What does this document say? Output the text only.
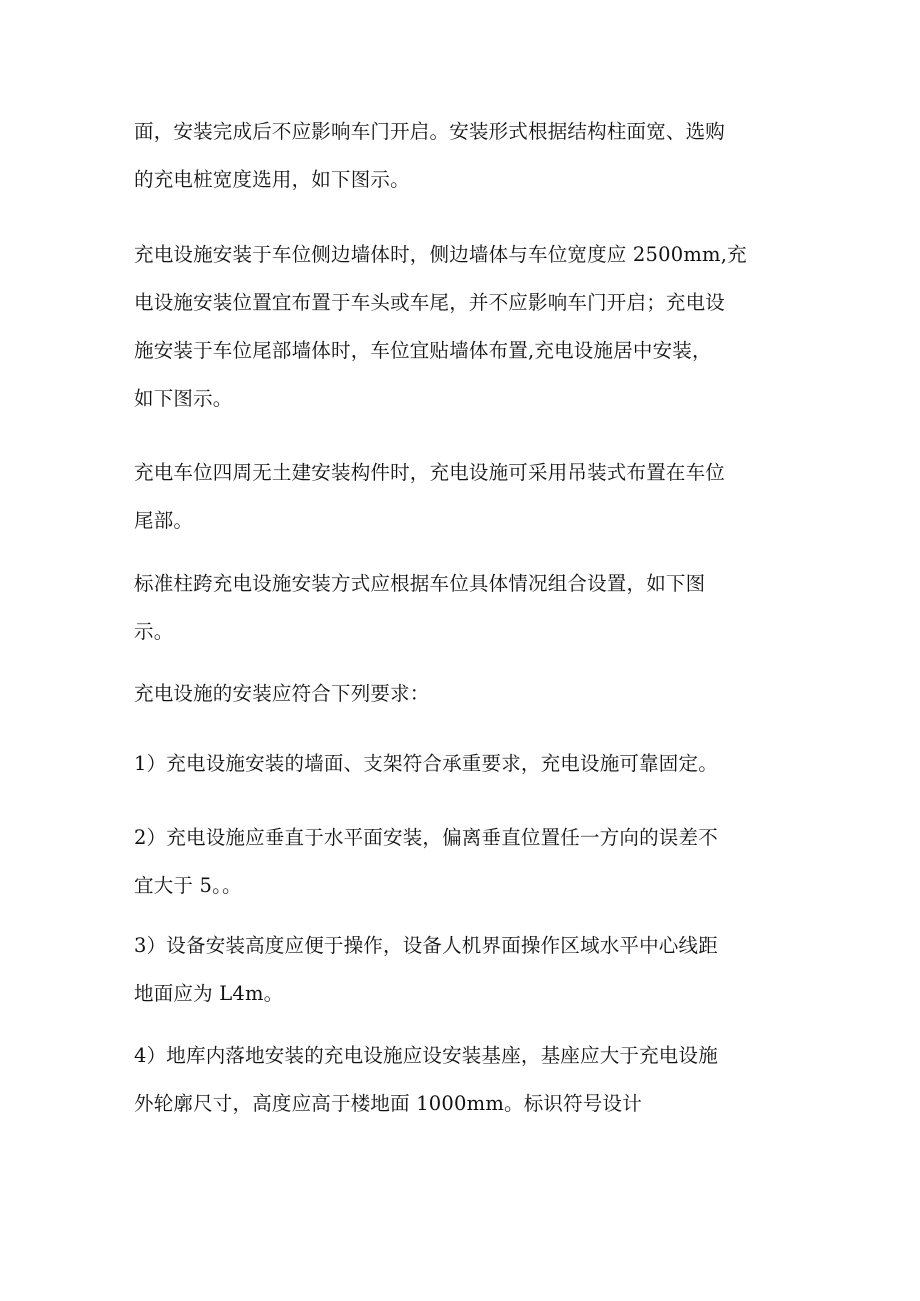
面，安装完成后不应影响车门开启。安装形式根据结构柱面宽、选购
的充电桩宽度选用，如下图示。

充电设施安装于车位侧边墙体时，侧边墙体与车位宽度应 2500mm,充
电设施安装位置宜布置于车头或车尾，并不应影响车门开启；充电设
施安装于车位尾部墙体时，车位宜贴墙体布置,充电设施居中安装，
如下图示。

充电车位四周无土建安装构件时，充电设施可采用吊装式布置在车位
尾部。

标准柱跨充电设施安装方式应根据车位具体情况组合设置，如下图
示。

充电设施的安装应符合下列要求：

1）充电设施安装的墙面、支架符合承重要求，充电设施可靠固定。

2）充电设施应垂直于水平面安装，偏离垂直位置任一方向的误差不
宜大于 5。。

3）设备安装高度应便于操作，设备人机界面操作区域水平中心线距
地面应为 L4m。

4）地库内落地安装的充电设施应设安装基座，基座应大于充电设施
外轮廓尺寸，高度应高于楼地面 1000mm。标识符号设计
